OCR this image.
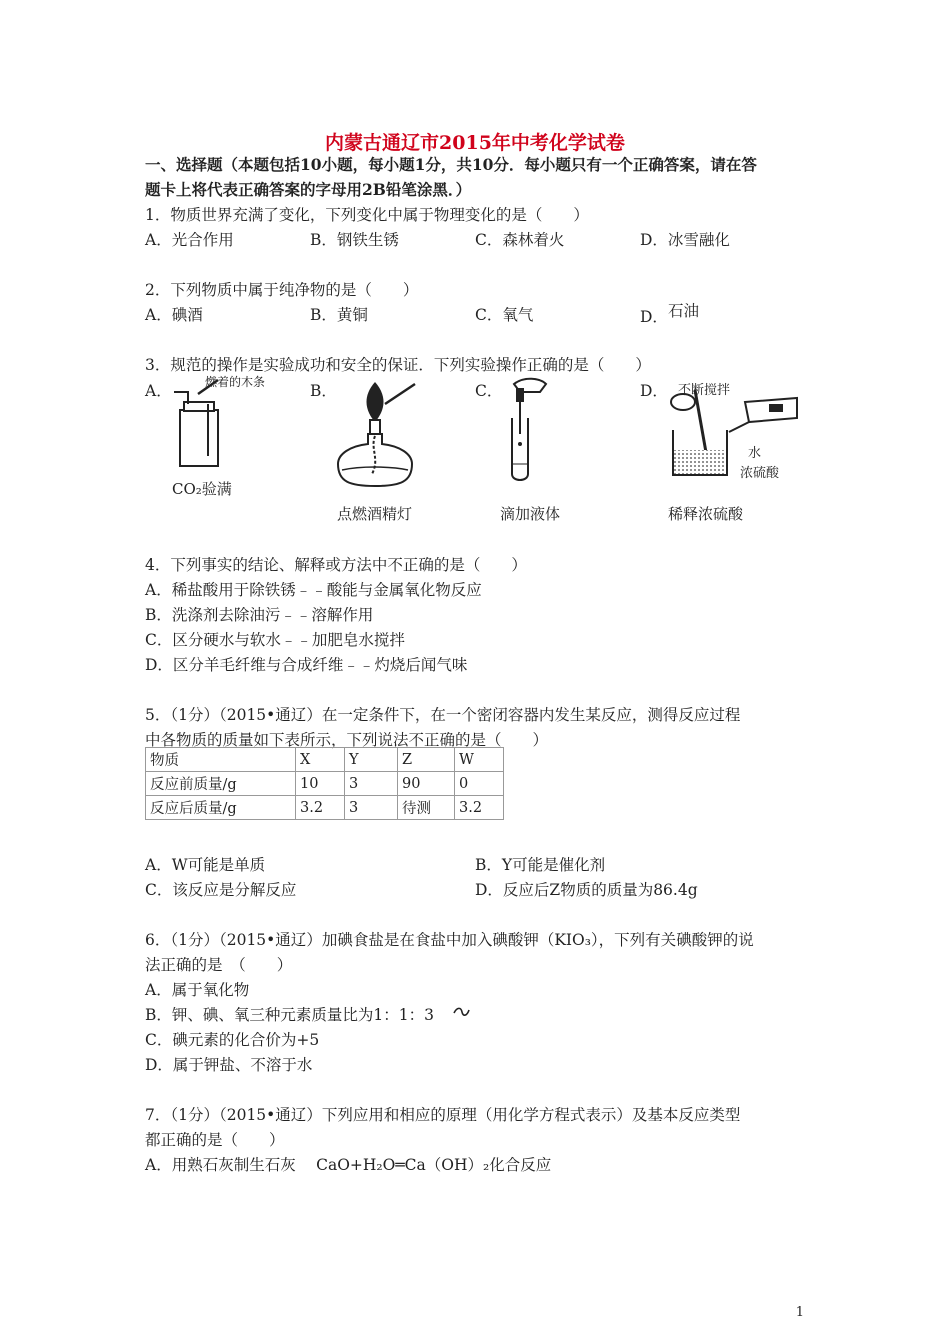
内蒙古通辽市2015年中考化学试卷
一、选择题（本题包括10小题，每小题1分，共10分．每小题只有一个正确答案，请在答
题卡上将代表正确答案的字母用2B铅笔涂黑．）
1．物质世界充满了变化，下列变化中属于物理变化的是（　　）
A．光合作用	B．钢铁生锈	C．森林着火	D．冰雪融化
2．下列物质中属于纯净物的是（　　）
A．碘酒	B．黄铜	C．氧气	D． 石油
3．规范的操作是实验成功和安全的保证．下列实验操作正确的是（　　）
A．	B．	C．	D．
燃着的木条
CO₂验满
点燃酒精灯	滴加液体
不断搅拌
水
浓硫酸
稀释浓硫酸
4．下列事实的结论、解释或方法中不正确的是（　　）
A．稀盐酸用于除铁锈﹣﹣酸能与金属氧化物反应
B．洗涤剂去除油污﹣﹣溶解作用
C．区分硬水与软水﹣﹣加肥皂水搅拌
D．区分羊毛纤维与合成纤维﹣﹣灼烧后闻气味
5．（1分）（2015•通辽）在一定条件下，在一个密闭容器内发生某反应，测得反应过程
中各物质的质量如下表所示，下列说法不正确的是（　　）
物质	X	Y	Z	W
反应前质量/g	10	3	90	0
反应后质量/g	3.2	3	待测	3.2
A．W可能是单质	B．Y可能是催化剂
C．该反应是分解反应	D．反应后Z物质的质量为86.4g
6．（1分）（2015•通辽）加碘食盐是在食盐中加入碘酸钾（KIO₃），下列有关碘酸钾的说
法正确的是　（　　）
A．属于氧化物
B．钾、碘、氧三种元素质量比为1：1：3
C．碘元素的化合价为+5
D．属于钾盐、不溶于水
7．（1分）（2015•通辽）下列应用和相应的原理（用化学方程式表示）及基本反应类型
都正确的是（　　）
A．用熟石灰制生石灰　 CaO+H₂O═Ca（OH）₂化合反应
1
